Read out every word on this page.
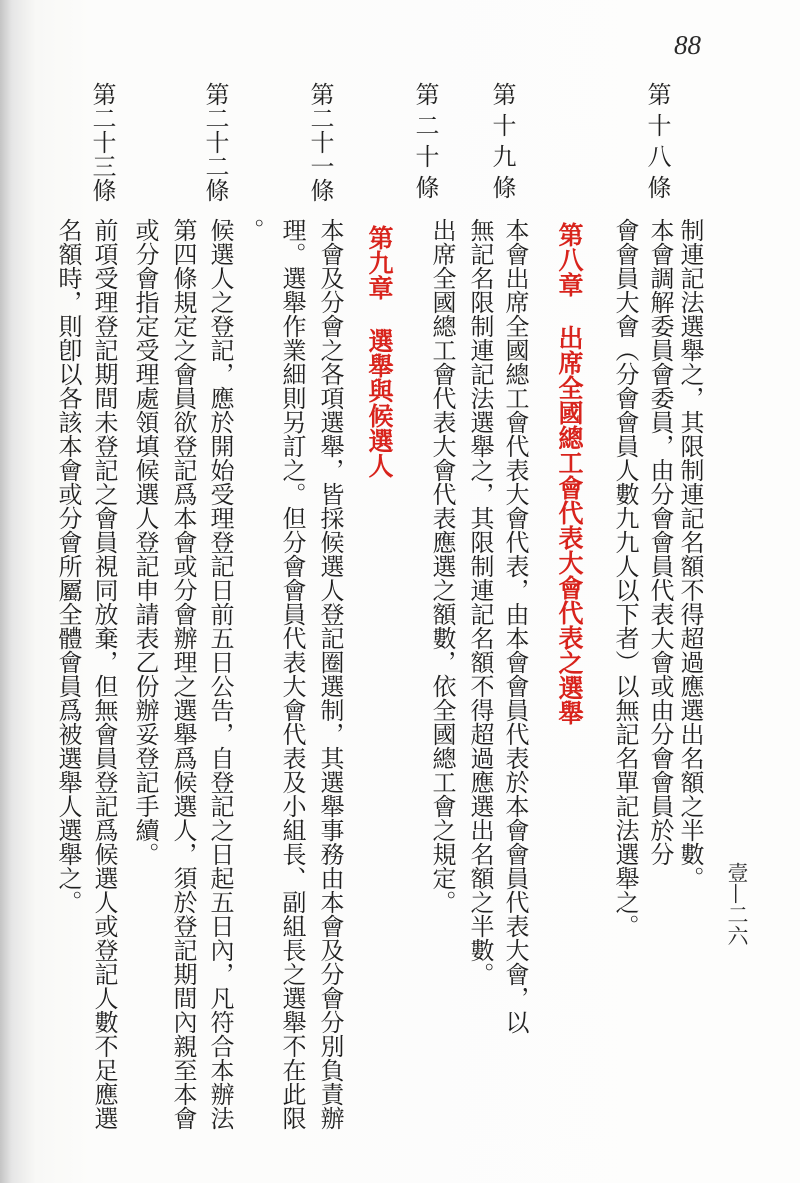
88
壹—二六
制連記法選舉之，其限制連記名額不得超過應選出名額之半數。
第十八條
本會調解委員會委員，由分會會員代表大會或由分會會員於分
會會員大會（分會會員人數九九人以下者）以無記名單記法選舉之。
第八章出席全國總工會代表大會代表之選舉
第十九條
本會出席全國總工會代表大會代表，由本會會員代表於本會會員代表大會，以
無記名限制連記法選舉之，其限制連記名額不得超過應選出名額之半數。
第二十條
出席全國總工會代表大會代表應選之額數，依全國總工會之規定。
第九章選舉與候選人
第二十一條
本會及分會之各項選舉，皆採候選人登記圈選制，其選舉事務由本會及分會分別負責辦
理。選舉作業細則另訂之。但分會會員代表大會代表及小組長、副組長之選舉不在此限
。
第二十二條
候選人之登記，應於開始受理登記日前五日公告，自登記之日起五日內，凡符合本辦法
第四條規定之會員欲登記爲本會或分會辦理之選舉爲候選人，須於登記期間內親至本會
或分會指定受理處領填候選人登記申請表乙份辦妥登記手續。
第二十三條
前項受理登記期間未登記之會員視同放棄，但無會員登記爲候選人或登記人數不足應選
名額時，則卽以各該本會或分會所屬全體會員爲被選舉人選舉之。
